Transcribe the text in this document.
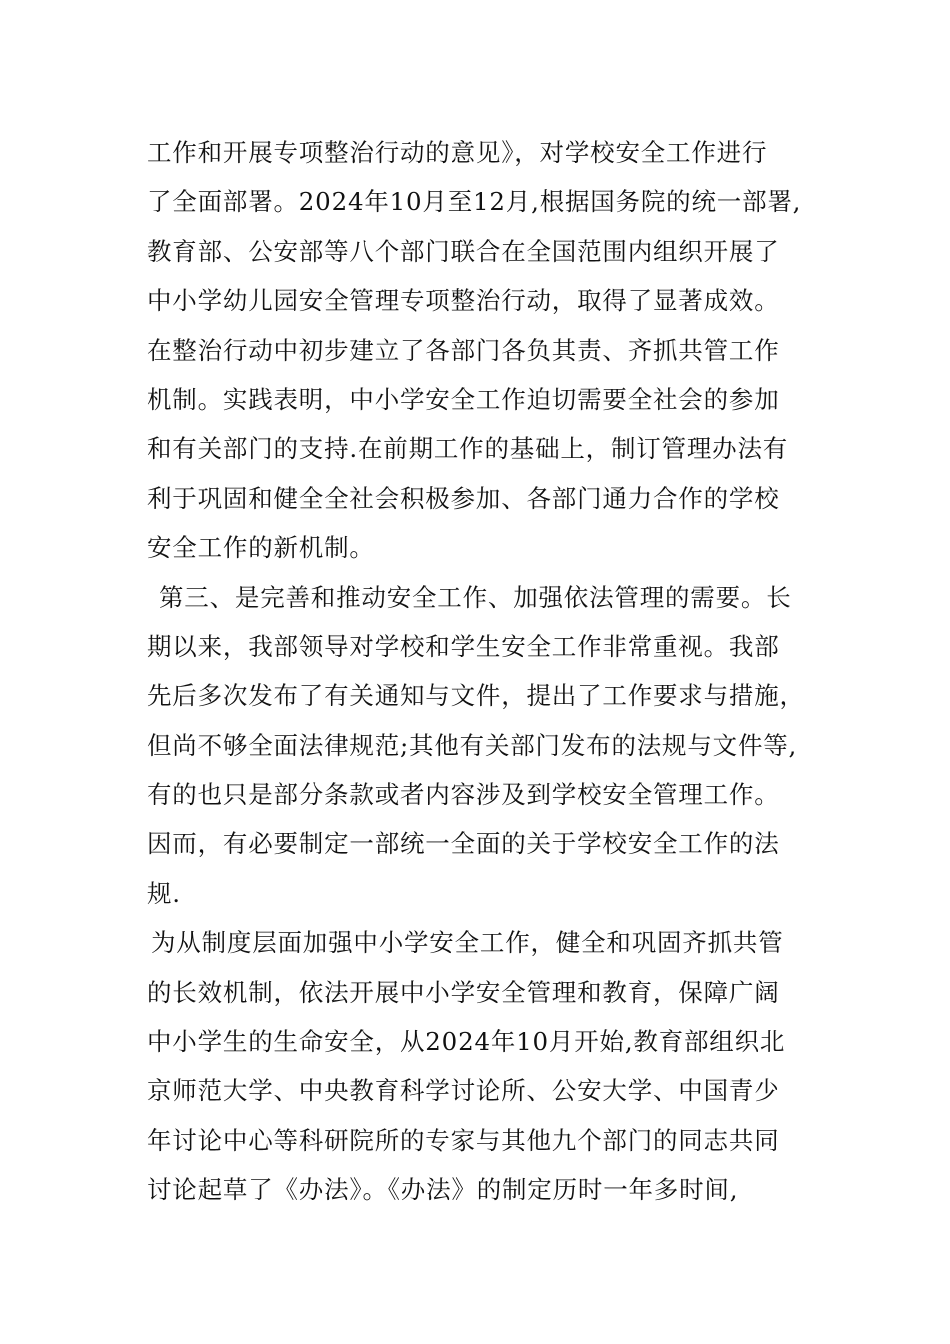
工作和开展专项整治行动的意见》，对学校安全工作进行
了全面部署。2024年10月至12月,根据国务院的统一部署,
教育部、公安部等八个部门联合在全国范围内组织开展了
中小学幼儿园安全管理专项整治行动，取得了显著成效。
在整治行动中初步建立了各部门各负其责、齐抓共管工作
机制。实践表明，中小学安全工作迫切需要全社会的参加
和有关部门的支持.在前期工作的基础上，制订管理办法有
利于巩固和健全全社会积极参加、各部门通力合作的学校
安全工作的新机制。
第三、是完善和推动安全工作、加强依法管理的需要。长
期以来，我部领导对学校和学生安全工作非常重视。我部
先后多次发布了有关通知与文件，提出了工作要求与措施，
但尚不够全面法律规范;其他有关部门发布的法规与文件等,
有的也只是部分条款或者内容涉及到学校安全管理工作。
因而，有必要制定一部统一全面的关于学校安全工作的法
规.
为从制度层面加强中小学安全工作，健全和巩固齐抓共管
的长效机制，依法开展中小学安全管理和教育，保障广阔
中小学生的生命安全，从2024年10月开始,教育部组织北
京师范大学、中央教育科学讨论所、公安大学、中国青少
年讨论中心等科研院所的专家与其他九个部门的同志共同
讨论起草了《办法》。《办法》的制定历时一年多时间,
